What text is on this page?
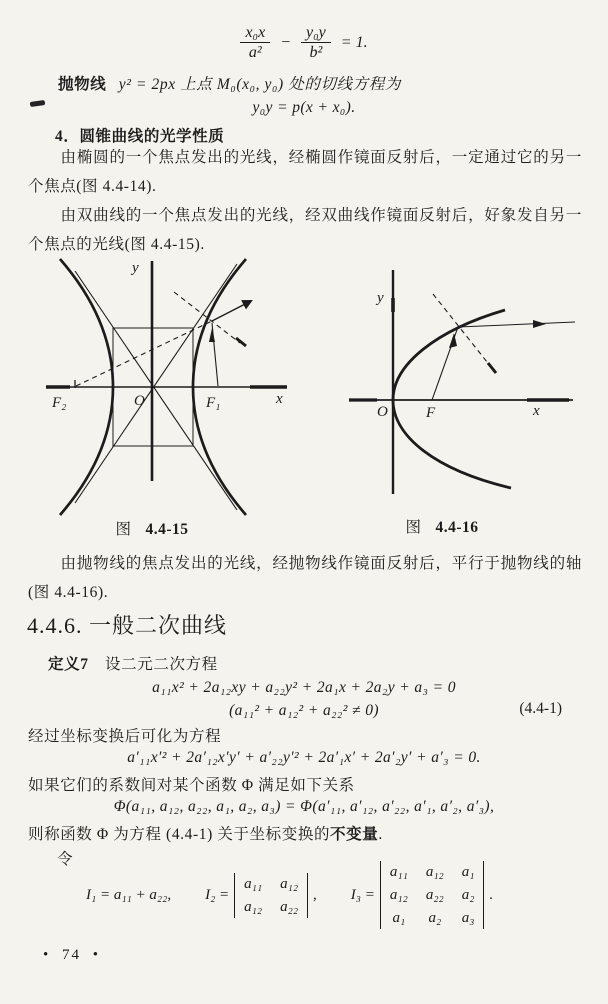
$\frac{\text{x₀x}}{\text{a²}} - \frac{\text{y₀y}}{\text{b²}} = 1$.
抛物线 y² = 2px 上点 M₀(x₀, y₀) 处的切线方程为
y₀y = p(x + x₀).
4．圆锥曲线的光学性质
由椭圆的一个焦点发出的光线，经椭圆作镜面反射后，一定通过它的另一个焦点(图 4.4-14).
由双曲线的一个焦点发出的光线，经双曲线作镜面反射后，好象发自另一个焦点的光线(图 4.4-15).
y
x
O	F₁
F₂
y
x
O	F
图 4.4-15	图 4.4-16
由抛物线的焦点发出的光线，经抛物线作镜面反射后，平行于抛物线的轴(图 4.4-16).
4.4.6. 一般二次曲线
定义7 设二元二次方程
a₁₁x² + 2a₁₂xy + a₂₂y² + 2a₁x + 2a₂y + a₃ = 0
(a₁₁² + a₁₂² + a₂₂² ≠ 0)	(4.4-1)
经过坐标变换后可化为方程
a′₁₁x′² + 2a′₁₂x′y′ + a′₂₂y′² + 2a′₁x′ + 2a′₂y′ + a′₃ = 0.
如果它们的系数间对某个函数 Φ 满足如下关系
Φ(a₁₁, a₁₂, a₂₂, a₁, a₂, a₃) = Φ(a′₁₁, a′₁₂, a′₂₂, a′₁, a′₂, a′₃),
则称函数 Φ 为方程 (4.4-1) 关于坐标变换的不变量.
令
I₁ = a₁₁ + a₂₂, I₂ =
a₁₁ a₁₂
a₁₂ a₂₂
, I₃ =
a₁₁ a₁₂ a₁
a₁₂ a₂₂ a₂
a₁ a₂ a₃
.
• 74 •
